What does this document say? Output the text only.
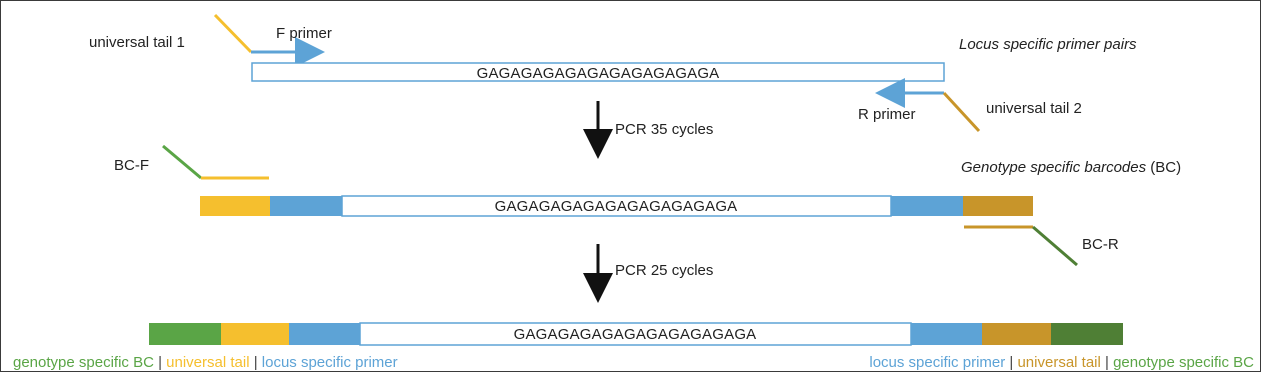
universal tail 1
F primer
Locus specific primer pairs
GAGAGAGAGAGAGAGAGAGAGA
R primer	universal tail 2
PCR 35 cycles
BC-F	Genotype specific barcodes (BC)
GAGAGAGAGAGAGAGAGAGAGA
BC-R
PCR 25 cycles
GAGAGAGAGAGAGAGAGAGAGA
genotype specific BC | universal tail | locus specific primer	locus specific primer | universal tail | genotype specific BC
